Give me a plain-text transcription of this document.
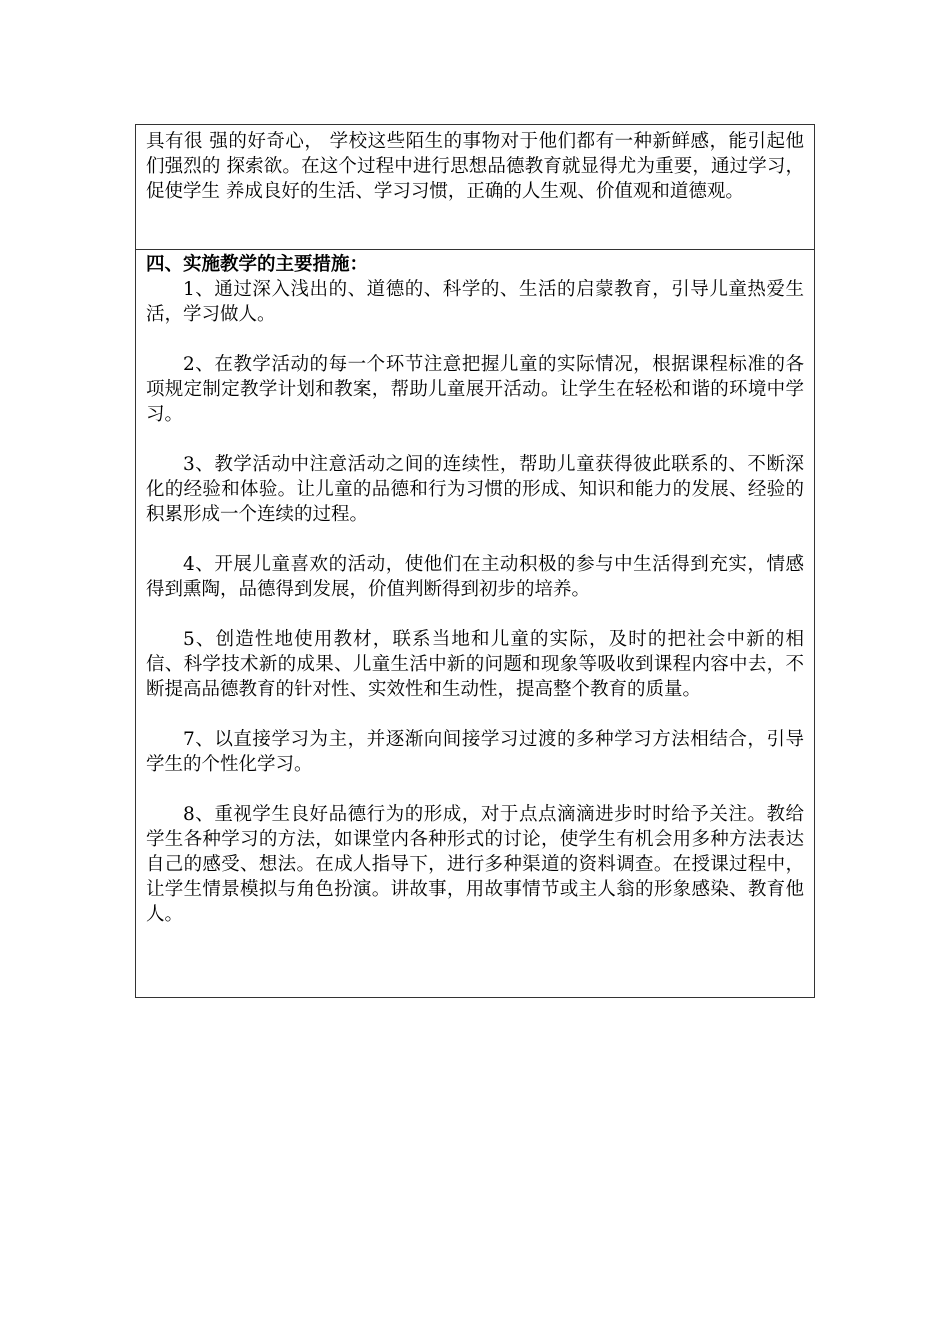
具有很 强的好奇心， 学校这些陌生的事物对于他们都有一种新鲜感，能引起他们强烈的 探索欲。在这个过程中进行思想品德教育就显得尤为重要，通过学习，促使学生 养成良好的生活、学习习惯，正确的人生观、价值观和道德观。

四、实施教学的主要措施：

1、通过深入浅出的、道德的、科学的、生活的启蒙教育，引导儿童热爱生活，学习做人。

2、在教学活动的每一个环节注意把握儿童的实际情况，根据课程标准的各项规定制定教学计划和教案，帮助儿童展开活动。让学生在轻松和谐的环境中学习。

3、教学活动中注意活动之间的连续性，帮助儿童获得彼此联系的、不断深化的经验和体验。让儿童的品德和行为习惯的形成、知识和能力的发展、经验的积累形成一个连续的过程。

4、开展儿童喜欢的活动，使他们在主动积极的参与中生活得到充实，情感得到熏陶，品德得到发展，价值判断得到初步的培养。

5、创造性地使用教材，联系当地和儿童的实际，及时的把社会中新的相信、科学技术新的成果、儿童生活中新的问题和现象等吸收到课程内容中去，不断提高品德教育的针对性、实效性和生动性，提高整个教育的质量。

7、以直接学习为主，并逐渐向间接学习过渡的多种学习方法相结合，引导学生的个性化学习。

8、重视学生良好品德行为的形成，对于点点滴滴进步时时给予关注。教给学生各种学习的方法，如课堂内各种形式的讨论，使学生有机会用多种方法表达自己的感受、想法。在成人指导下，进行多种渠道的资料调查。在授课过程中，让学生情景模拟与角色扮演。讲故事，用故事情节或主人翁的形象感染、教育他人。
